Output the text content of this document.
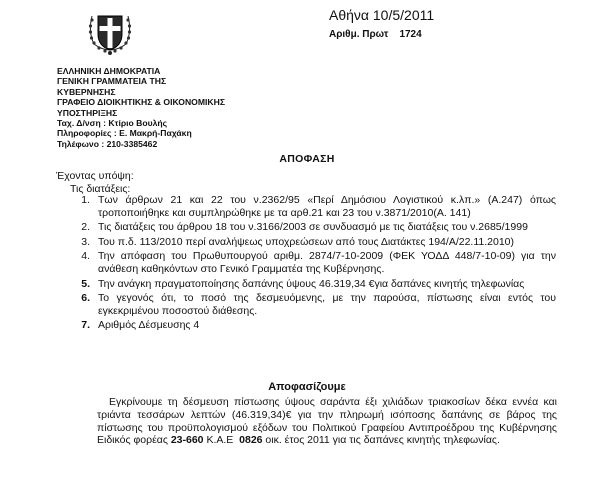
Αθήνα 10/5/2011
Αριθμ. Πρωτ 1724
ΕΛΛΗΝΙΚΗ ΔΗΜΟΚΡΑΤΙΑ
ΓΕΝΙΚΗ ΓΡΑΜΜΑΤΕΙΑ ΤΗΣ
ΚΥΒΕΡΝΗΣΗΣ
ΓΡΑΦΕΙΟ ΔΙΟΙΚΗΤΙΚΗΣ & ΟΙΚΟΝΟΜΙΚΗΣ
ΥΠΟΣΤΗΡΙΞΗΣ
Ταχ. Δ/νση : Κτίριο Βουλής
Πληροφορίες : Ε. Μακρή-Παχάκη
Τηλέφωνο : 210-3385462
ΑΠΟΦΑΣΗ
Έχοντας υπόψη:
Τις διατάξεις:
1. Των άρθρων 21 και 22 του ν.2362/95 «Περί Δημόσιου Λογιστικού κ.λπ.» (Α.247) όπως τροποποιήθηκε και συμπληρώθηκε με τα αρθ.21 και 23 του ν.3871/2010(Α. 141)
2. Τις διατάξεις του άρθρου 18 του ν.3166/2003 σε συνδυασμό με τις διατάξεις του ν.2685/1999
3. Του π.δ. 113/2010 περί αναλήψεως υποχρεώσεων από τους Διατάκτες 194/Α/22.11.2010)
4. Την απόφαση του Πρωθυπουργού αριθμ. 2874/7-10-2009 (ΦΕΚ ΥΟΔΔ 448/7-10-09) για την ανάθεση καθηκόντων στο Γενικό Γραμματέα της Κυβέρνησης.
5. Την ανάγκη πραγματοποίησης δαπάνης ύψους 46.319,34 €για δαπάνες κινητής τηλεφωνίας
6. Το γεγονός ότι, το ποσό της δεσμευόμενης, με την παρούσα, πίστωσης είναι εντός του εγκεκριμένου ποσοστού διάθεσης.
7. Αριθμός Δέσμευσης 4
Αποφασίζουμε
Εγκρίνουμε τη δέσμευση πίστωσης ύψους σαράντα έξι χιλιάδων τριακοσίων δέκα εννέα και τριάντα τεσσάρων λεπτών (46.319,34)€ για την πληρωμή ισόποσης δαπάνης σε βάρος της πίστωσης του προϋπολογισμού εξόδων του Πολιτικού Γραφείου Αντιπροέδρου της Κυβέρνησης Ειδικός φορέας 23-660 Κ.Α.Ε 0826 οικ. έτος 2011 για τις δαπάνες κινητής τηλεφωνίας.
